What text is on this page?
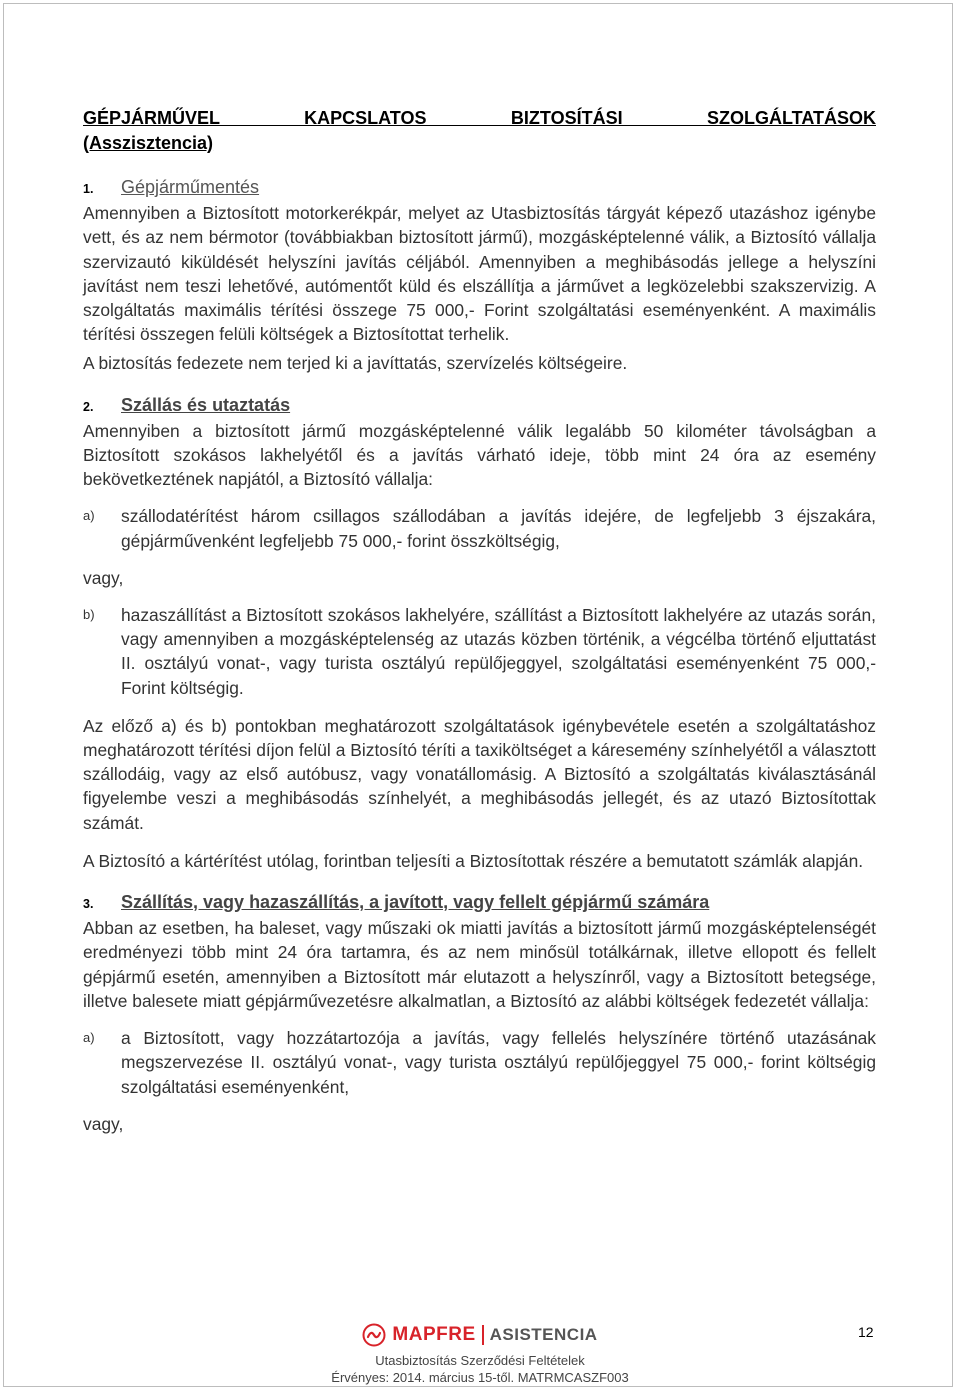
GÉPJÁRMŰVEL KAPCSLATOS BIZTOSÍTÁSI SZOLGÁLTATÁSOK
(Asszisztencia)
1. Gépjárműmentés

Amennyiben a Biztosított motorkerékpár, melyet az Utasbiztosítás tárgyát képező utazáshoz igénybe vett, és az nem bérmotor (továbbiakban biztosított jármű), mozgásképtelenné válik, a Biztosító vállalja szervizautó kiküldését helyszíni javítás céljából. Amennyiben a meghibásodás jellege a helyszíni javítást nem teszi lehetővé, autómentőt küld és elszállítja a járművet a legközelebbi szakszervizig. A szolgáltatás maximális térítési összege 75 000,- Forint szolgáltatási eseményenként. A maximális térítési összegen felüli költségek a Biztosítottat terhelik.

A biztosítás fedezete nem terjed ki a javíttatás, szervízelés költségeire.

2. Szállás és utaztatás

Amennyiben a biztosított jármű mozgásképtelenné válik legalább 50 kilométer távolságban a Biztosított szokásos lakhelyétől és a javítás várható ideje, több mint 24 óra az esemény bekövetkeztének napjától, a Biztosító vállalja:

a) szállodatérítést három csillagos szállodában a javítás idejére, de legfeljebb 3 éjszakára, gépjárművenként legfeljebb 75 000,- forint összköltségig,

vagy,

b) hazaszállítást a Biztosított szokásos lakhelyére, szállítást a Biztosított lakhelyére az utazás során, vagy amennyiben a mozgásképtelenség az utazás közben történik, a végcélba történő eljuttatást II. osztályú vonat-, vagy turista osztályú repülőjeggyel, szolgáltatási eseményenként 75 000,- Forint költségig.

Az előző a) és b) pontokban meghatározott szolgáltatások igénybevétele esetén a szolgáltatáshoz meghatározott térítési díjon felül a Biztosító téríti a taxiköltséget a káresemény színhelyétől a választott szállodáig, vagy az első autóbusz, vagy vonatállomásig. A Biztosító a szolgáltatás kiválasztásánál figyelembe veszi a meghibásodás színhelyét, a meghibásodás jellegét, és az utazó Biztosítottak számát.

A Biztosító a kártérítést utólag, forintban teljesíti a Biztosítottak részére a bemutatott számlák alapján.

3. Szállítás, vagy hazaszállítás, a javított, vagy fellelt gépjármű számára

Abban az esetben, ha baleset, vagy műszaki ok miatti javítás a biztosított jármű mozgásképtelenségét eredményezi több mint 24 óra tartamra, és az nem minősül totálkárnak, illetve ellopott és fellelt gépjármű esetén, amennyiben a Biztosított már elutazott a helyszínről, vagy a Biztosított betegsége, illetve balesete miatt gépjárművezetésre alkalmatlan, a Biztosító az alábbi költségek fedezetét vállalja:

a) a Biztosított, vagy hozzátartozója a javítás, vagy fellelés helyszínére történő utazásának megszervezése II. osztályú vonat-, vagy turista osztályú repülőjeggyel 75 000,- forint költségig szolgáltatási eseményenként,

vagy,

MAPFRE ASISTENCIA
Utasbiztosítás Szerződési Feltételek
Érvényes: 2014. március 15-től. MATRMCASZF003
12
